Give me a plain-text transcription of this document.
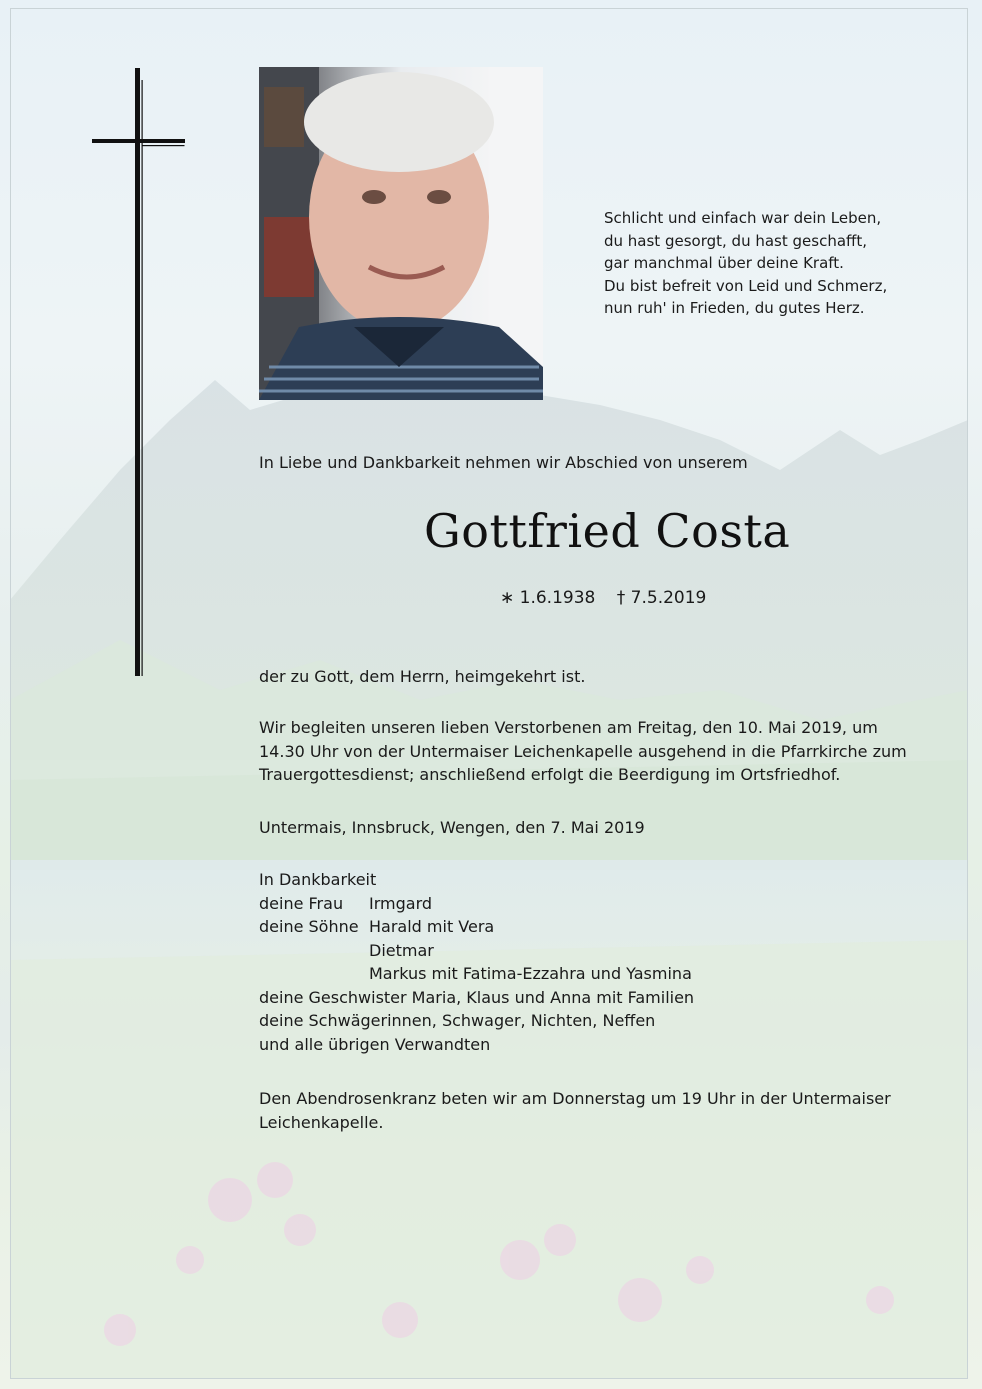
Schlicht und einfach war dein Leben,
du hast gesorgt, du hast geschafft,
gar manchmal über deine Kraft.
Du bist befreit von Leid und Schmerz,
nun ruh' in Frieden, du gutes Herz.
In Liebe und Dankbarkeit nehmen wir Abschied von unserem
Gottfried Costa
∗ 1.6.1938 † 7.5.2019
der zu Gott, dem Herrn, heimgekehrt ist.
Wir begleiten unseren lieben Verstorbenen am Freitag, den 10. Mai 2019, um
14.30 Uhr von der Untermaiser Leichenkapelle ausgehend in die Pfarrkirche zum
Trauergottesdienst; anschließend erfolgt die Beerdigung im Ortsfriedhof.
Untermais, Innsbruck, Wengen, den 7. Mai 2019
In Dankbarkeit
deine Frau Irmgard
deine Söhne Harald mit Vera
Dietmar
Markus mit Fatima-Ezzahra und Yasmina
deine Geschwister Maria, Klaus und Anna mit Familien
deine Schwägerinnen, Schwager, Nichten, Neffen
und alle übrigen Verwandten
Den Abendrosenkranz beten wir am Donnerstag um 19 Uhr in der Untermaiser
Leichenkapelle.
